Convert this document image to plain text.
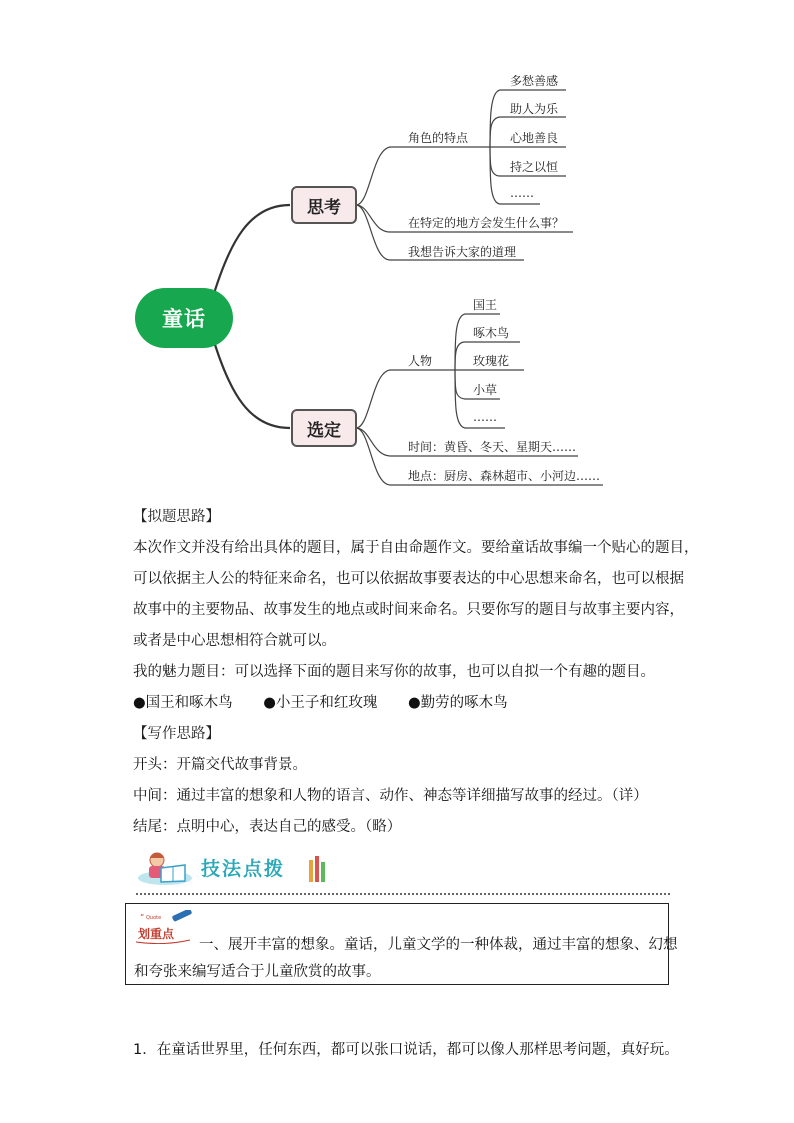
童话
思考
选定
角色的特点
在特定的地方会发生什么事？
我想告诉大家的道理
多愁善感
助人为乐
心地善良
持之以恒
……
人物
时间：黄昏、冬天、星期天……
地点：厨房、森林超市、小河边……
国王
啄木鸟
玫瑰花
小草
……
【拟题思路】
本次作文并没有给出具体的题目，属于自由命题作文。要给童话故事编一个贴心的题目，
可以依据主人公的特征来命名，也可以依据故事要表达的中心思想来命名，也可以根据
故事中的主要物品、故事发生的地点或时间来命名。只要你写的题目与故事主要内容，
或者是中心思想相符合就可以。
我的魅力题目：可以选择下面的题目来写你的故事，也可以自拟一个有趣的题目。
●国王和啄木鸟 ●小王子和红玫瑰 ●勤劳的啄木鸟
【写作思路】
开头：开篇交代故事背景。
中间：通过丰富的想象和人物的语言、动作、神态等详细描写故事的经过。（详）
结尾：点明中心，表达自己的感受。（略）
技法点拨
“ Quote
划重点
一、展开丰富的想象。童话，儿童文学的一种体裁，通过丰富的想象、幻想
和夸张来编写适合于儿童欣赏的故事。
1．在童话世界里，任何东西，都可以张口说话，都可以像人那样思考问题，真好玩。
